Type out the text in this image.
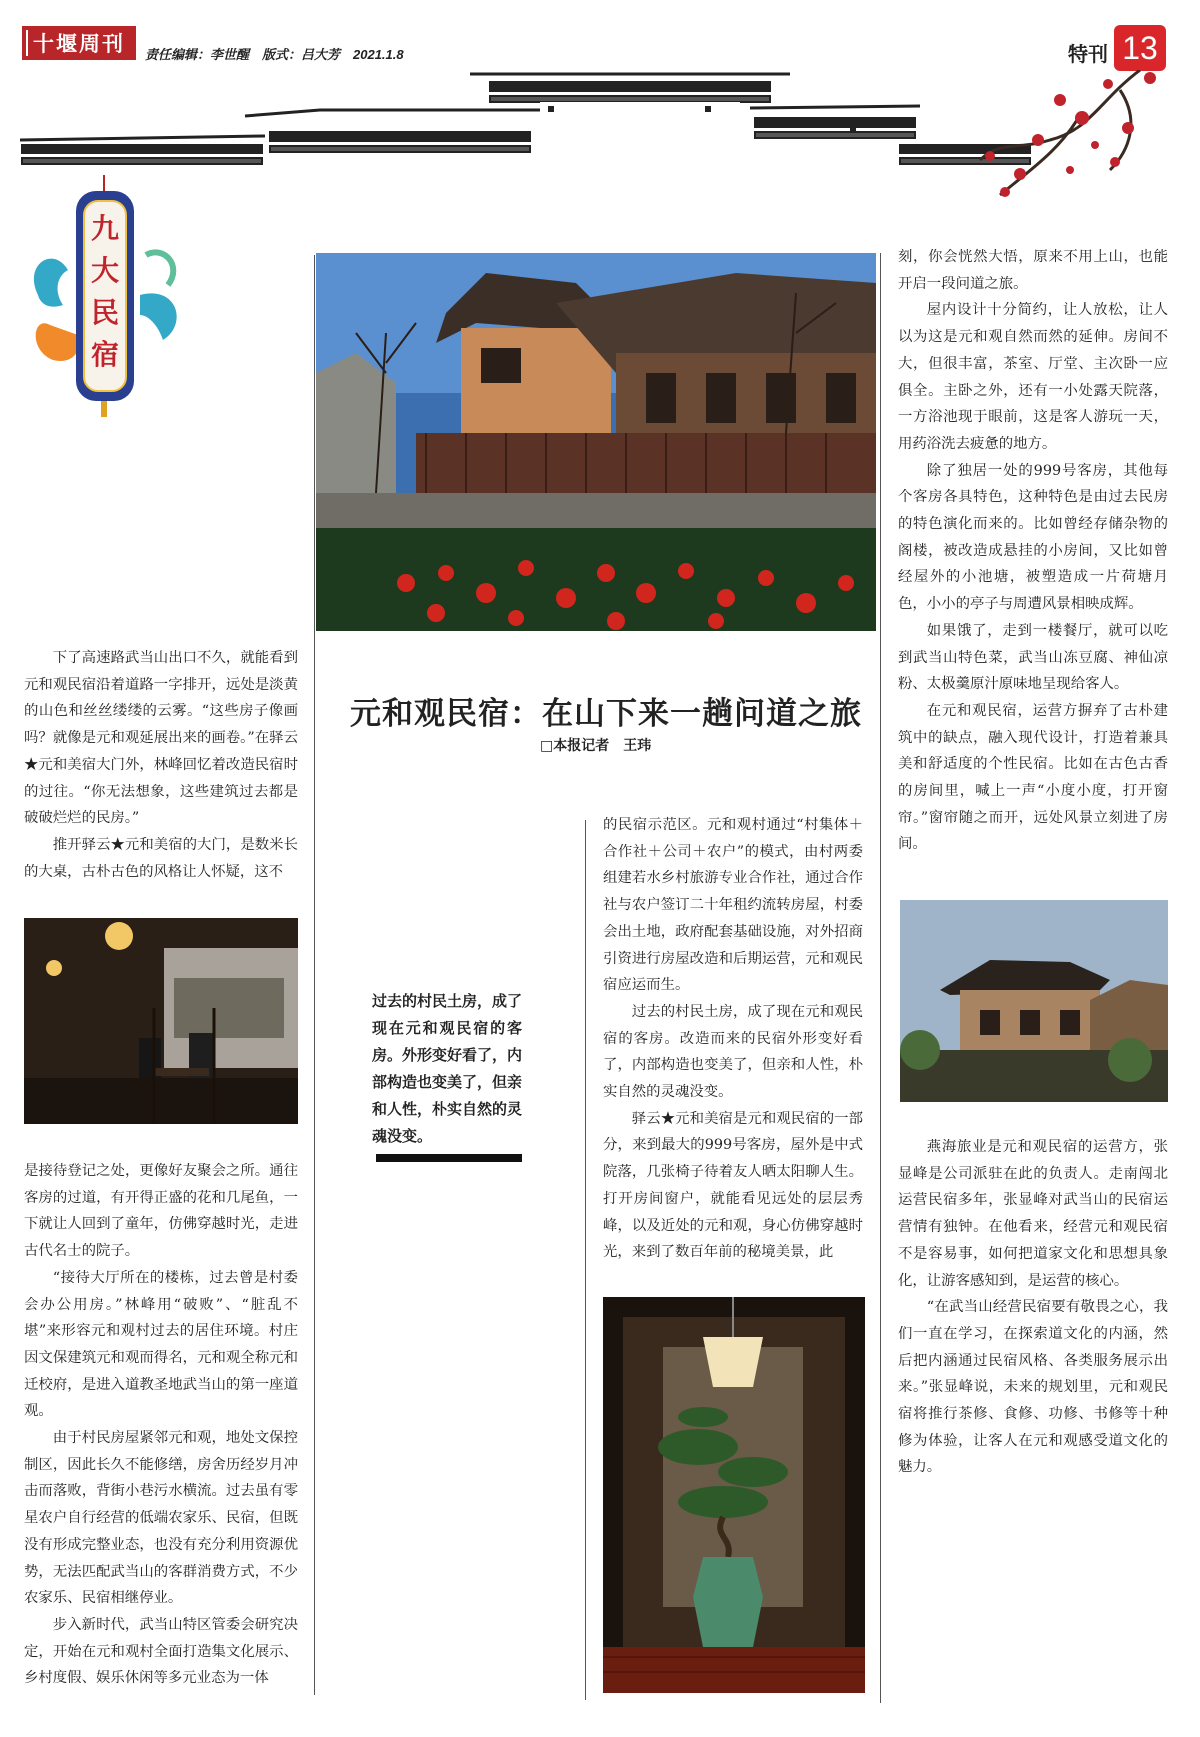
十堰周刊 责任编辑：李世醒　版式：吕大芳　2021.1.8	特刊 13
九
大
民
宿
元和观民宿：在山下来一趟问道之旅
□本报记者　王玮

下了高速路武当山出口不久，就能看到元和观民宿沿着道路一字排开，远处是淡黄的山色和丝丝缕缕的云雾。“这些房子像画吗？就像是元和观延展出来的画卷。”在驿云★元和美宿大门外，林峰回忆着改造民宿时的过往。“你无法想象，这些建筑过去都是破破烂烂的民房。”

推开驿云★元和美宿的大门，是数米长的大桌，古朴古色的风格让人怀疑，这不

是接待登记之处，更像好友聚会之所。通往客房的过道，有开得正盛的花和几尾鱼，一下就让人回到了童年，仿佛穿越时光，走进古代名士的院子。

“接待大厅所在的楼栋，过去曾是村委会办公用房。”林峰用“破败”、“脏乱不堪”来形容元和观村过去的居住环境。村庄因文保建筑元和观而得名，元和观全称元和迁校府，是进入道教圣地武当山的第一座道观。

由于村民房屋紧邻元和观，地处文保控制区，因此长久不能修缮，房舍历经岁月冲击而落败，背街小巷污水横流。过去虽有零星农户自行经营的低端农家乐、民宿，但既没有形成完整业态，也没有充分利用资源优势，无法匹配武当山的客群消费方式，不少农家乐、民宿相继停业。

步入新时代，武当山特区管委会研究决定，开始在元和观村全面打造集文化展示、乡村度假、娱乐休闲等多元业态为一体

过去的村民土房，成了现在元和观民宿的客房。外形变好看了，内部构造也变美了，但亲和人性，朴实自然的灵魂没变。

的民宿示范区。元和观村通过“村集体＋合作社＋公司＋农户”的模式，由村两委组建若水乡村旅游专业合作社，通过合作社与农户签订二十年租约流转房屋，村委会出土地，政府配套基础设施，对外招商引资进行房屋改造和后期运营，元和观民宿应运而生。

过去的村民土房，成了现在元和观民宿的客房。改造而来的民宿外形变好看了，内部构造也变美了，但亲和人性，朴实自然的灵魂没变。

驿云★元和美宿是元和观民宿的一部分，来到最大的999号客房，屋外是中式院落，几张椅子待着友人晒太阳聊人生。打开房间窗户，就能看见远处的层层秀峰，以及近处的元和观，身心仿佛穿越时光，来到了数百年前的秘境美景，此

刻，你会恍然大悟，原来不用上山，也能开启一段问道之旅。

屋内设计十分简约，让人放松，让人以为这是元和观自然而然的延伸。房间不大，但很丰富，茶室、厅堂、主次卧一应俱全。主卧之外，还有一小处露天院落，一方浴池现于眼前，这是客人游玩一天，用药浴洗去疲惫的地方。

除了独居一处的999号客房，其他每个客房各具特色，这种特色是由过去民房的特色演化而来的。比如曾经存储杂物的阁楼，被改造成悬挂的小房间，又比如曾经屋外的小池塘，被塑造成一片荷塘月色，小小的亭子与周遭风景相映成辉。

如果饿了，走到一楼餐厅，就可以吃到武当山特色菜，武当山冻豆腐、神仙凉粉、太极羹原汁原味地呈现给客人。

在元和观民宿，运营方摒弃了古朴建筑中的缺点，融入现代设计，打造着兼具美和舒适度的个性民宿。比如在古色古香的房间里，喊上一声“小度小度，打开窗帘。”窗帘随之而开，远处风景立刻进了房间。

燕海旅业是元和观民宿的运营方，张显峰是公司派驻在此的负责人。走南闯北运营民宿多年，张显峰对武当山的民宿运营情有独钟。在他看来，经营元和观民宿不是容易事，如何把道家文化和思想具象化，让游客感知到，是运营的核心。

“在武当山经营民宿要有敬畏之心，我们一直在学习，在探索道文化的内涵，然后把内涵通过民宿风格、各类服务展示出来。”张显峰说，未来的规划里，元和观民宿将推行茶修、食修、功修、书修等十种修为体验，让客人在元和观感受道文化的魅力。
